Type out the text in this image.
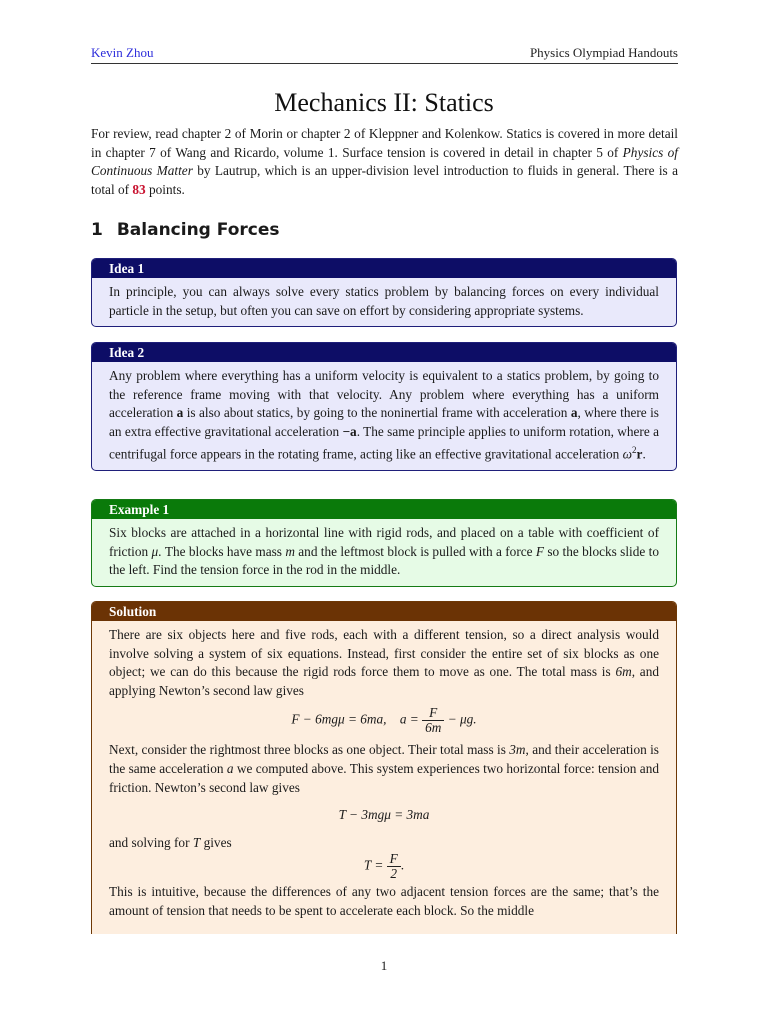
Kevin Zhou	Physics Olympiad Handouts
Mechanics II: Statics

For review, read chapter 2 of Morin or chapter 2 of Kleppner and Kolenkow. Statics is covered in more detail in chapter 7 of Wang and Ricardo, volume 1. Surface tension is covered in detail in chapter 5 of Physics of Continuous Matter by Lautrup, which is an upper-division level introduction to fluids in general. There is a total of 83 points.

1 Balancing Forces
Idea 1
In principle, you can always solve every statics problem by balancing forces on every individual particle in the setup, but often you can save on effort by considering appropriate systems.
Idea 2
Any problem where everything has a uniform velocity is equivalent to a statics problem, by going to the reference frame moving with that velocity. Any problem where everything has a uniform acceleration a is also about statics, by going to the noninertial frame with acceleration a, where there is an extra effective gravitational acceleration −a. The same principle applies to uniform rotation, where a centrifugal force appears in the rotating frame, acting like an effective gravitational acceleration $\omega^2r$.
Example 1
Six blocks are attached in a horizontal line with rigid rods, and placed on a table with coefficient of friction μ. The blocks have mass m and the leftmost block is pulled with a force F so the blocks slide to the left. Find the tension force in the rod in the middle.
Solution
There are six objects here and five rods, each with a different tension, so a direct analysis would involve solving a system of six equations. Instead, first consider the entire set of six blocks as one object; we can do this because the rigid rods force them to move as one. The total mass is 6m, and applying Newton’s second law gives
F − 6mgμ = 6ma, $a = \frac{F}{6m} - \mu g$.
Next, consider the rightmost three blocks as one object. Their total mass is 3m, and their acceleration is the same acceleration a we computed above. This system experiences two horizontal force: tension and friction. Newton’s second law gives
T − 3mgμ = 3ma
and solving for T gives
$T = \frac{F}{2}$ .
This is intuitive, because the differences of any two adjacent tension forces are the same; that’s the amount of tension that needs to be spent to accelerate each block. So the middle
1
